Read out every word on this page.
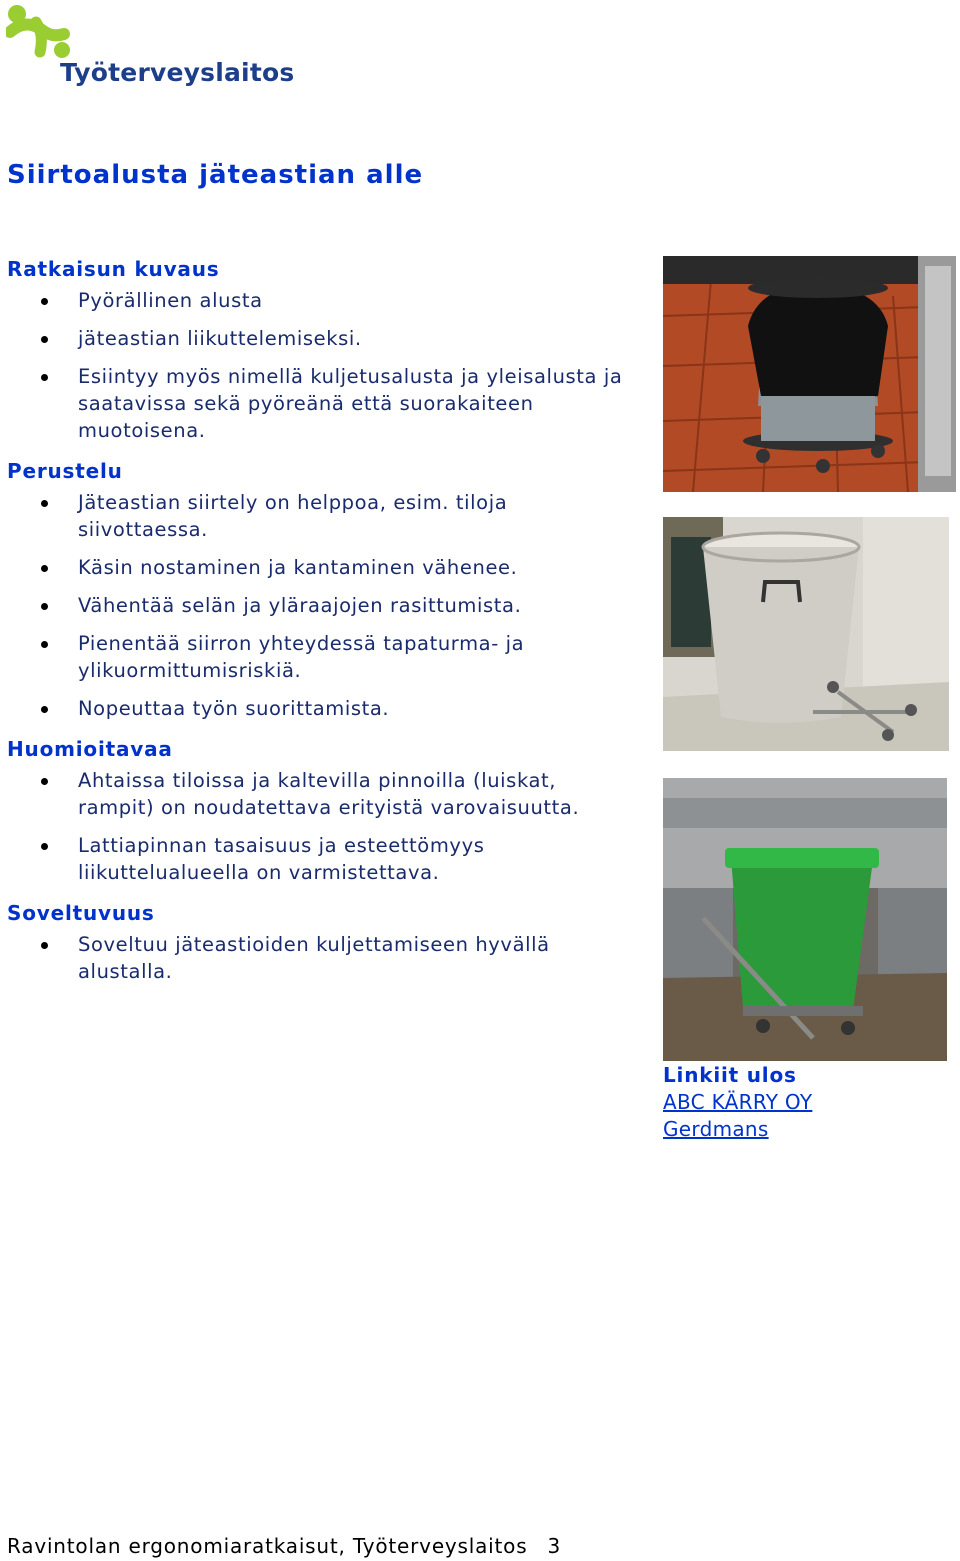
Työterveyslaitos
Siirtoalusta jäteastian alle
Ratkaisun kuvaus
Pyörällinen alusta
jäteastian liikuttelemiseksi.
Esiintyy myös nimellä kuljetusalusta ja yleisalusta ja saatavissa sekä pyöreänä että suorakaiteen muotoisena.
Perustelu
Jäteastian siirtely on helppoa, esim. tiloja siivottaessa.
Käsin nostaminen ja kantaminen vähenee.
Vähentää selän ja yläraajojen rasittumista.
Pienentää siirron yhteydessä tapaturma- ja ylikuormittumisriskiä.
Nopeuttaa työn suorittamista.
Huomioitavaa
Ahtaissa tiloissa ja kaltevilla pinnoilla (luiskat, rampit) on noudatettava erityistä varovaisuutta.
Lattiapinnan tasaisuus ja esteettömyys liikuttelualueella on varmistettava.
Soveltuvuus
Soveltuu jäteastioiden kuljettamiseen hyvällä alustalla.
Linkiit ulos
ABC KÄRRY OY
Gerdmans
Ravintolan ergonomiaratkaisut, Työterveyslaitos 3
